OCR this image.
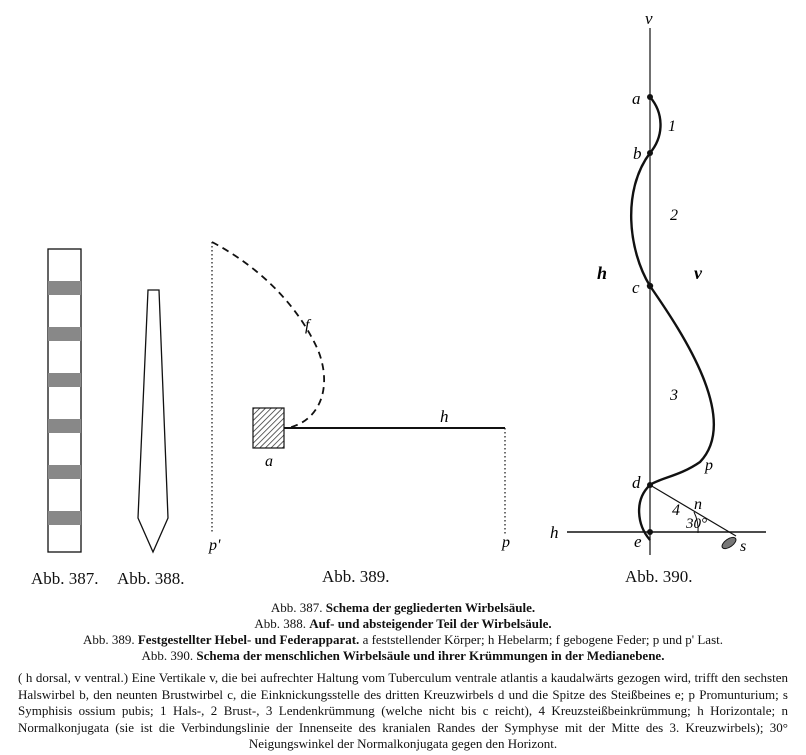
a
f
h
p'	p
v
a
b
c
d
e
h	v
h
1
2
3
4 n
p
30°
s
Abb. 387. Abb. 388.	Abb. 389.	Abb. 390.
Abb. 387. Schema der gegliederten Wirbelsäule.
Abb. 388. Auf- und absteigender Teil der Wirbelsäule.
Abb. 389. Festgestellter Hebel- und Federapparat. a feststellender Körper; h Hebelarm; f gebogene Feder; p und p' Last.
Abb. 390. Schema der menschlichen Wirbelsäule und ihrer Krümmungen in der Medianebene.
( h dorsal, v ventral.) Eine Vertikale v, die bei aufrechter Haltung vom Tuberculum ventrale atlantis a kaudalwärts gezogen wird, trifft den sechsten Halswirbel b, den neunten Brustwirbel c, die Einknickungsstelle des dritten Kreuzwirbels d und die Spitze des Steißbeines e; p Promunturium; s Symphisis ossium pubis; 1 Hals-, 2 Brust-, 3 Lendenkrümmung (welche nicht bis c reicht), 4 Kreuzsteißbeinkrümmung; h Horizontale; n Normalkonjugata (sie ist die Verbindungslinie der Innenseite des kranialen Randes der Symphyse mit der Mitte des 3. Kreuzwirbels); 30° Neigungswinkel der Normalkonjugata gegen den Horizont.
